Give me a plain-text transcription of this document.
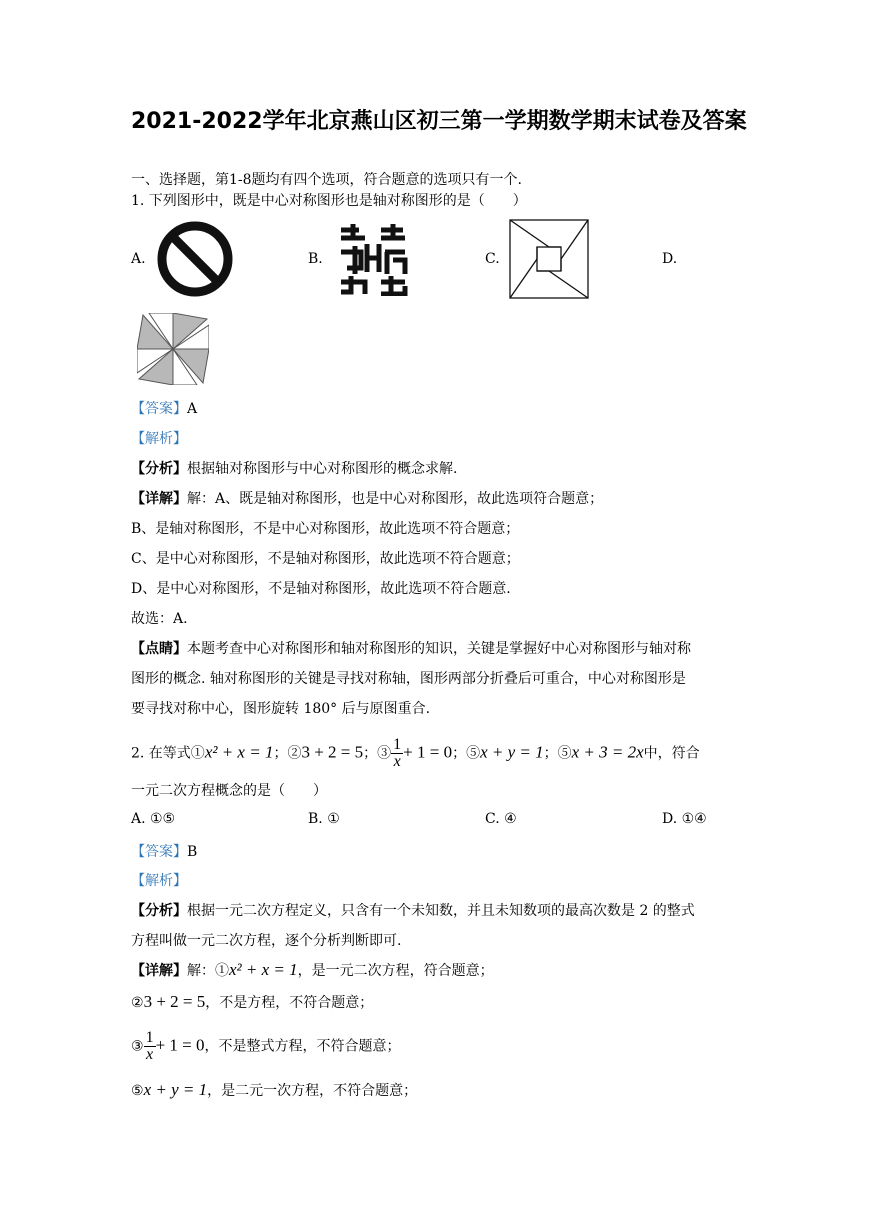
2021-2022学年北京燕山区初三第一学期数学期末试卷及答案
一、选择题，第1-8题均有四个选项，符合题意的选项只有一个.
1. 下列图形中，既是中心对称图形也是轴对称图形的是（　　）
A.	B.	C.	D.
【答案】A
【解析】
【分析】根据轴对称图形与中心对称图形的概念求解.
【详解】解：A、既是轴对称图形，也是中心对称图形，故此选项符合题意；
B、是轴对称图形，不是中心对称图形，故此选项不符合题意；
C、是中心对称图形，不是轴对称图形，故此选项不符合题意；
D、是中心对称图形，不是轴对称图形，故此选项不符合题意.
故选：A.
【点睛】本题考查中心对称图形和轴对称图形的知识，关键是掌握好中心对称图形与轴对称
图形的概念. 轴对称图形的关键是寻找对称轴，图形两部分折叠后可重合，中心对称图形是
要寻找对称中心，图形旋转 180° 后与原图重合.
2. 在等式①x² + x = 1；②3 + 2 = 5；③ $\frac{1}{x} + 1 = 0$；⑤x + y = 1；⑤x + 3 = 2x中，符合
一元二次方程概念的是（　　）
A. ①⑤	B. ①	C. ④	D. ①④
【答案】B
【解析】
【分析】根据一元二次方程定义，只含有一个未知数，并且未知数项的最高次数是 2 的整式
方程叫做一元二次方程，逐个分析判断即可.
【详解】解：①x² + x = 1，是一元二次方程，符合题意；
②3 + 2 = 5，不是方程，不符合题意；
③ $\frac{1}{x} + 1 = 0$，不是整式方程，不符合题意；
⑤x + y = 1，是二元一次方程，不符合题意；
